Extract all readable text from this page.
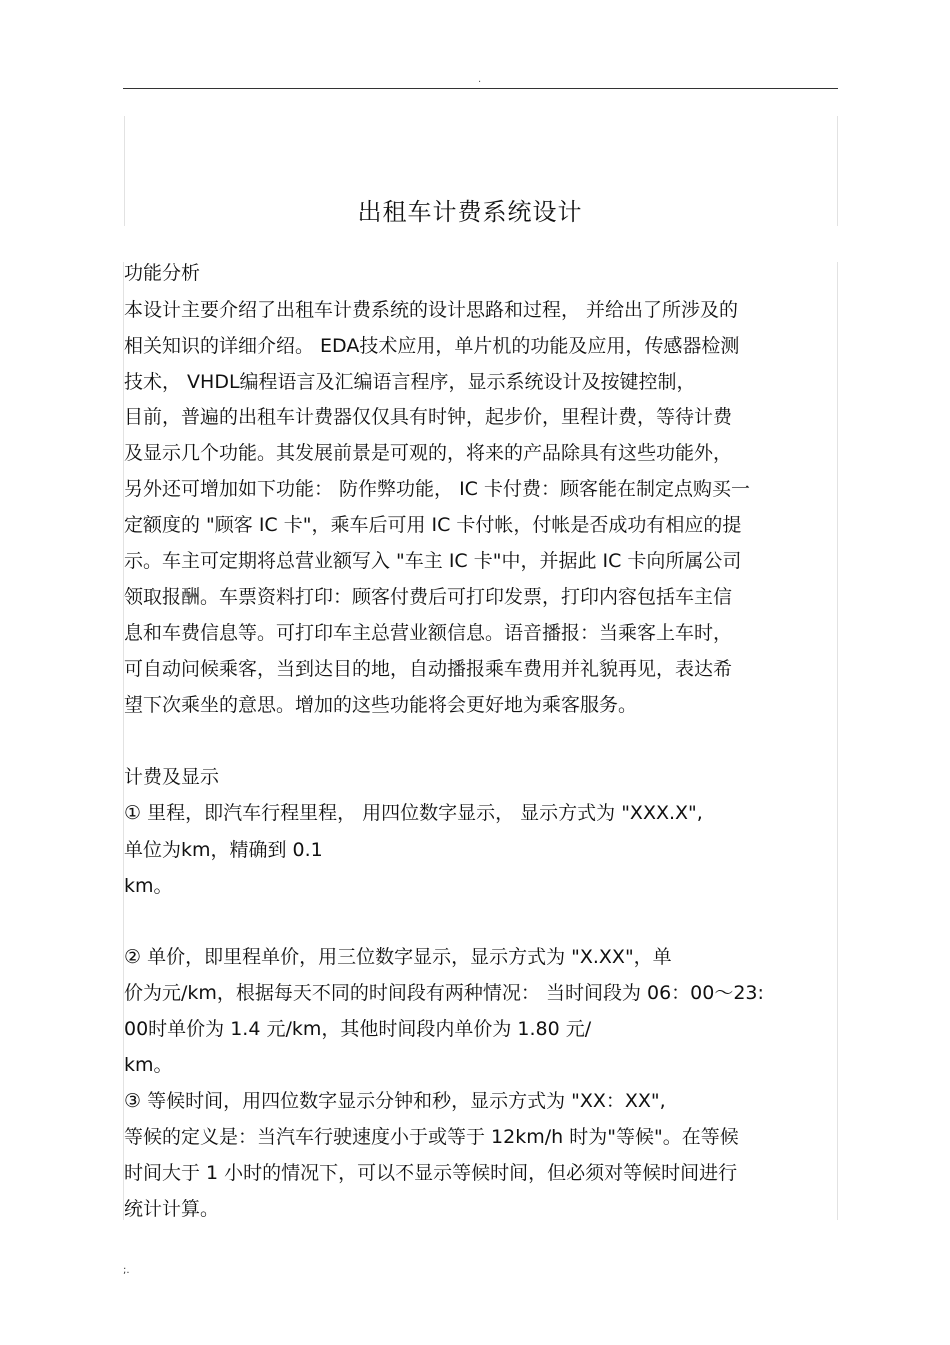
.
出租车计费系统设计
功能分析
本设计主要介绍了出租车计费系统的设计思路和过程， 并给出了所涉及的
相关知识的详细介绍。 EDA技术应用，单片机的功能及应用，传感器检测
技术， VHDL编程语言及汇编语言程序，显示系统设计及按键控制，
目前，普遍的出租车计费器仅仅具有时钟，起步价，里程计费，等待计费
及显示几个功能。其发展前景是可观的，将来的产品除具有这些功能外，
另外还可增加如下功能： 防作弊功能， IC 卡付费：顾客能在制定点购买一
定额度的 "顾客 IC 卡"，乘车后可用 IC 卡付帐，付帐是否成功有相应的提
示。车主可定期将总营业额写入 "车主 IC 卡"中，并据此 IC 卡向所属公司
领取报酬。车票资料打印：顾客付费后可打印发票，打印内容包括车主信
息和车费信息等。可打印车主总营业额信息。语音播报：当乘客上车时，
可自动问候乘客，当到达目的地，自动播报乘车费用并礼貌再见，表达希
望下次乘坐的意思。增加的这些功能将会更好地为乘客服务。
计费及显示
① 里程，即汽车行程里程， 用四位数字显示， 显示方式为 "XXX.X",
单位为km，精确到 0.1
km。
② 单价，即里程单价，用三位数字显示，显示方式为 "X.XX"，单
价为元/km，根据每天不同的时间段有两种情况： 当时间段为 06：00～23:
00时单价为 1.4 元/km，其他时间段内单价为 1.80 元/
km。
③ 等候时间，用四位数字显示分钟和秒，显示方式为 "XX：XX",
等候的定义是：当汽车行驶速度小于或等于 12km/h 时为"等候"。在等候
时间大于 1 小时的情况下，可以不显示等候时间，但必须对等候时间进行
统计计算。
;.
